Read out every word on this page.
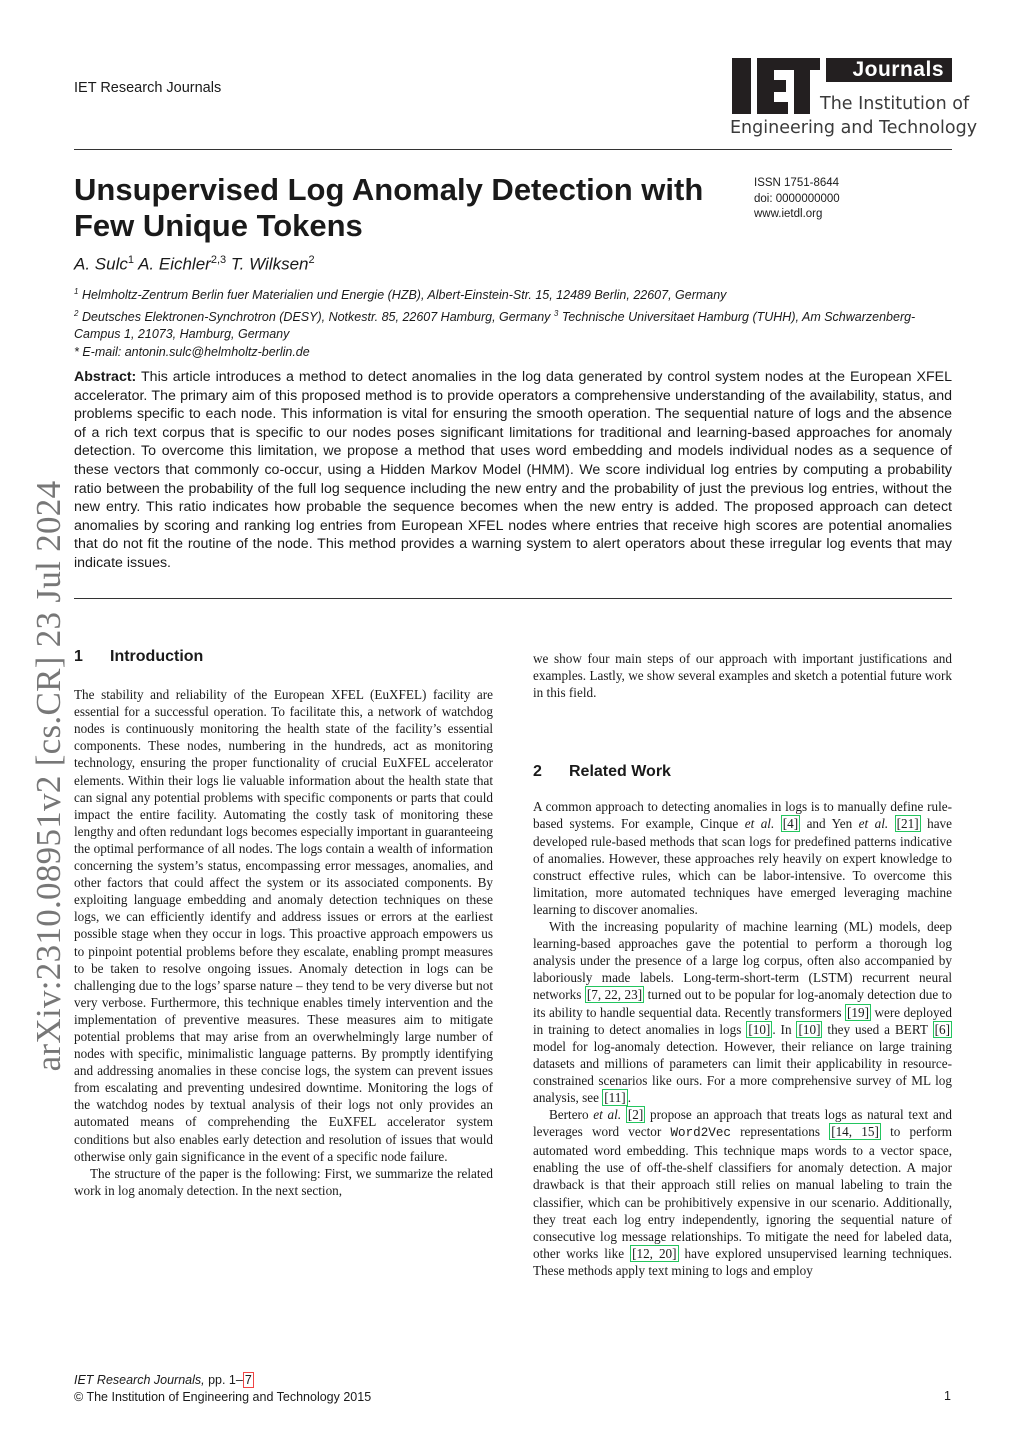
IET Research Journals
Journals
The Institution of
Engineering and Technology
Unsupervised Log Anomaly Detection with
Few Unique Tokens
ISSN 1751-8644
doi: 0000000000
www.ietdl.org
A. Sulc$^1$ A. Eichler$^{2,3}$ T. Wilksen$^2$
$^1$ Helmholtz-Zentrum Berlin fuer Materialien und Energie (HZB), Albert-Einstein-Str. 15, 12489 Berlin, 22607, Germany
$^2$ Deutsches Elektronen-Synchrotron (DESY), Notkestr. 85, 22607 Hamburg, Germany $^3$ Technische Universitaet Hamburg (TUHH), Am Schwarzenberg-Campus 1, 21073, Hamburg, Germany
* E-mail: antonin.sulc@helmholtz-berlin.de

Abstract: This article introduces a method to detect anomalies in the log data generated by control system nodes at the European XFEL accelerator. The primary aim of this proposed method is to provide operators a comprehensive understanding of the availability, status, and problems specific to each node. This information is vital for ensuring the smooth operation. The sequential nature of logs and the absence of a rich text corpus that is specific to our nodes poses significant limitations for traditional and learning-based approaches for anomaly detection. To overcome this limitation, we propose a method that uses word embedding and models individual nodes as a sequence of these vectors that commonly co-occur, using a Hidden Markov Model (HMM). We score individual log entries by computing a probability ratio between the probability of the full log sequence including the new entry and the probability of just the previous log entries, without the new entry. This ratio indicates how probable the sequence becomes when the new entry is added. The proposed approach can detect anomalies by scoring and ranking log entries from European XFEL nodes where entries that receive high scores are potential anomalies that do not fit the routine of the node. This method provides a warning system to alert operators about these irregular log events that may indicate issues.

arXiv:2310.08951v2 [cs.CR] 23 Jul 2024 1 Introduction

The stability and reliability of the European XFEL (EuXFEL) facility are essential for a successful operation. To facilitate this, a network of watchdog nodes is continuously monitoring the health state of the facility’s essential components. These nodes, numbering in the hundreds, act as monitoring technology, ensuring the proper functionality of crucial EuXFEL accelerator elements. Within their logs lie valuable information about the health state that can signal any potential problems with specific components or parts that could impact the entire facility. Automating the costly task of monitoring these lengthy and often redundant logs becomes especially important in guaranteeing the optimal performance of all nodes. The logs contain a wealth of information concerning the system’s status, encompassing error messages, anomalies, and other factors that could affect the system or its associated components. By exploiting language embedding and anomaly detection techniques on these logs, we can efficiently identify and address issues or errors at the earliest possible stage when they occur in logs. This proactive approach empowers us to pinpoint potential problems before they escalate, enabling prompt measures to be taken to resolve ongoing issues. Anomaly detection in logs can be challenging due to the logs’ sparse nature – they tend to be very diverse but not very verbose. Furthermore, this technique enables timely intervention and the implementation of preventive measures. These measures aim to mitigate potential problems that may arise from an overwhelmingly large number of nodes with specific, minimalistic language patterns. By promptly identifying and addressing anomalies in these concise logs, the system can prevent issues from escalating and preventing undesired downtime. Monitoring the logs of the watchdog nodes by textual analysis of their logs not only provides an automated means of comprehending the EuXFEL accelerator system conditions but also enables early detection and resolution of issues that would otherwise only gain significance in the event of a specific node failure.

The structure of the paper is the following: First, we summarize the related work in log anomaly detection. In the next section,

we show four main steps of our approach with important justifications and examples. Lastly, we show several examples and sketch a potential future work in this field.

2 Related Work

A common approach to detecting anomalies in logs is to manually define rule-based systems. For example, Cinque et al. [4] and Yen et al. [21] have developed rule-based methods that scan logs for predefined patterns indicative of anomalies. However, these approaches rely heavily on expert knowledge to construct effective rules, which can be labor-intensive. To overcome this limitation, more automated techniques have emerged leveraging machine learning to discover anomalies.

With the increasing popularity of machine learning (ML) models, deep learning-based approaches gave the potential to perform a thorough log analysis under the presence of a large log corpus, often also accompanied by laboriously made labels. Long-term-short-term (LSTM) recurrent neural networks [7, 22, 23] turned out to be popular for log-anomaly detection due to its ability to handle sequential data. Recently transformers [19] were deployed in training to detect anomalies in logs [10] . In [10] they used a BERT [6] model for log-anomaly detection. However, their reliance on large training datasets and millions of parameters can limit their applicability in resource-constrained scenarios like ours. For a more comprehensive survey of ML log analysis, see [11] .

Bertero et al. [2] propose an approach that treats logs as natural text and leverages word vector Word2Vec representations [14, 15] to perform automated word embedding. This technique maps words to a vector space, enabling the use of off-the-shelf classifiers for anomaly detection. A major drawback is that their approach still relies on manual labeling to train the classifier, which can be prohibitively expensive in our scenario. Additionally, they treat each log entry independently, ignoring the sequential nature of consecutive log message relationships. To mitigate the need for labeled data, other works like [12, 20] have explored unsupervised learning techniques. These methods apply text mining to logs and employ

IET Research Journals, pp. 1– 7
© The Institution of Engineering and Technology 2015	1
